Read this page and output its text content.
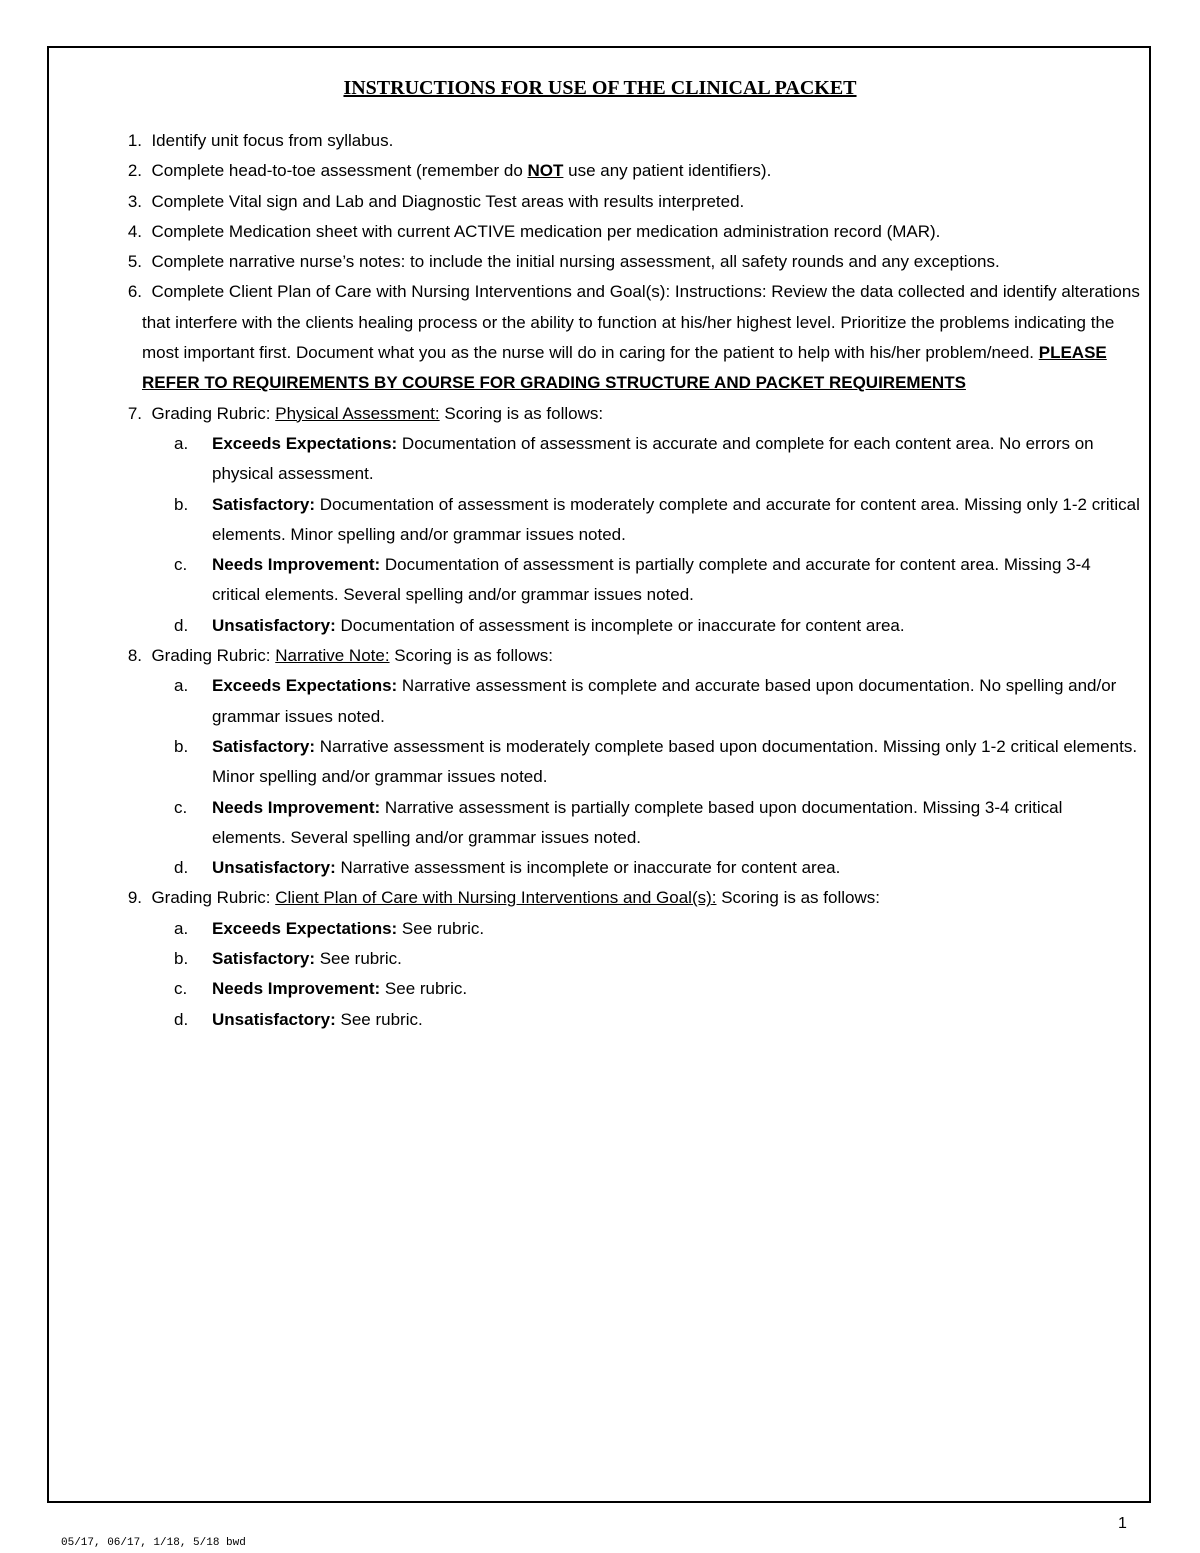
INSTRUCTIONS FOR USE OF THE CLINICAL PACKET
1. Identify unit focus from syllabus.
2. Complete head-to-toe assessment (remember do NOT use any patient identifiers).
3. Complete Vital sign and Lab and Diagnostic Test areas with results interpreted.
4. Complete Medication sheet with current ACTIVE medication per medication administration record (MAR).
5. Complete narrative nurse’s notes: to include the initial nursing assessment, all safety rounds and any exceptions.
6. Complete Client Plan of Care with Nursing Interventions and Goal(s): Instructions: Review the data collected and identify alterations that interfere with the clients healing process or the ability to function at his/her highest level. Prioritize the problems indicating the most important first. Document what you as the nurse will do in caring for the patient to help with his/her problem/need. PLEASE REFER TO REQUIREMENTS BY COURSE FOR GRADING STRUCTURE AND PACKET REQUIREMENTS
7. Grading Rubric: Physical Assessment: Scoring is as follows:
a.	Exceeds Expectations: Documentation of assessment is accurate and complete for each content area. No errors on physical assessment.
b.	Satisfactory: Documentation of assessment is moderately complete and accurate for content area. Missing only 1-2 critical elements. Minor spelling and/or grammar issues noted.
c.	Needs Improvement: Documentation of assessment is partially complete and accurate for content area. Missing 3-4 critical elements. Several spelling and/or grammar issues noted.
d.	Unsatisfactory: Documentation of assessment is incomplete or inaccurate for content area.
8. Grading Rubric: Narrative Note: Scoring is as follows:
a.	Exceeds Expectations: Narrative assessment is complete and accurate based upon documentation. No spelling and/or grammar issues noted.
b.	Satisfactory: Narrative assessment is moderately complete based upon documentation. Missing only 1-2 critical elements. Minor spelling and/or grammar issues noted.
c.	Needs Improvement: Narrative assessment is partially complete based upon documentation. Missing 3-4 critical elements. Several spelling and/or grammar issues noted.
d.	Unsatisfactory: Narrative assessment is incomplete or inaccurate for content area.
9. Grading Rubric: Client Plan of Care with Nursing Interventions and Goal(s): Scoring is as follows:
a.	Exceeds Expectations: See rubric.
b.	Satisfactory: See rubric.
c.	Needs Improvement: See rubric.
d.	Unsatisfactory: See rubric.
1
05/17, 06/17, 1/18, 5/18 bwd
